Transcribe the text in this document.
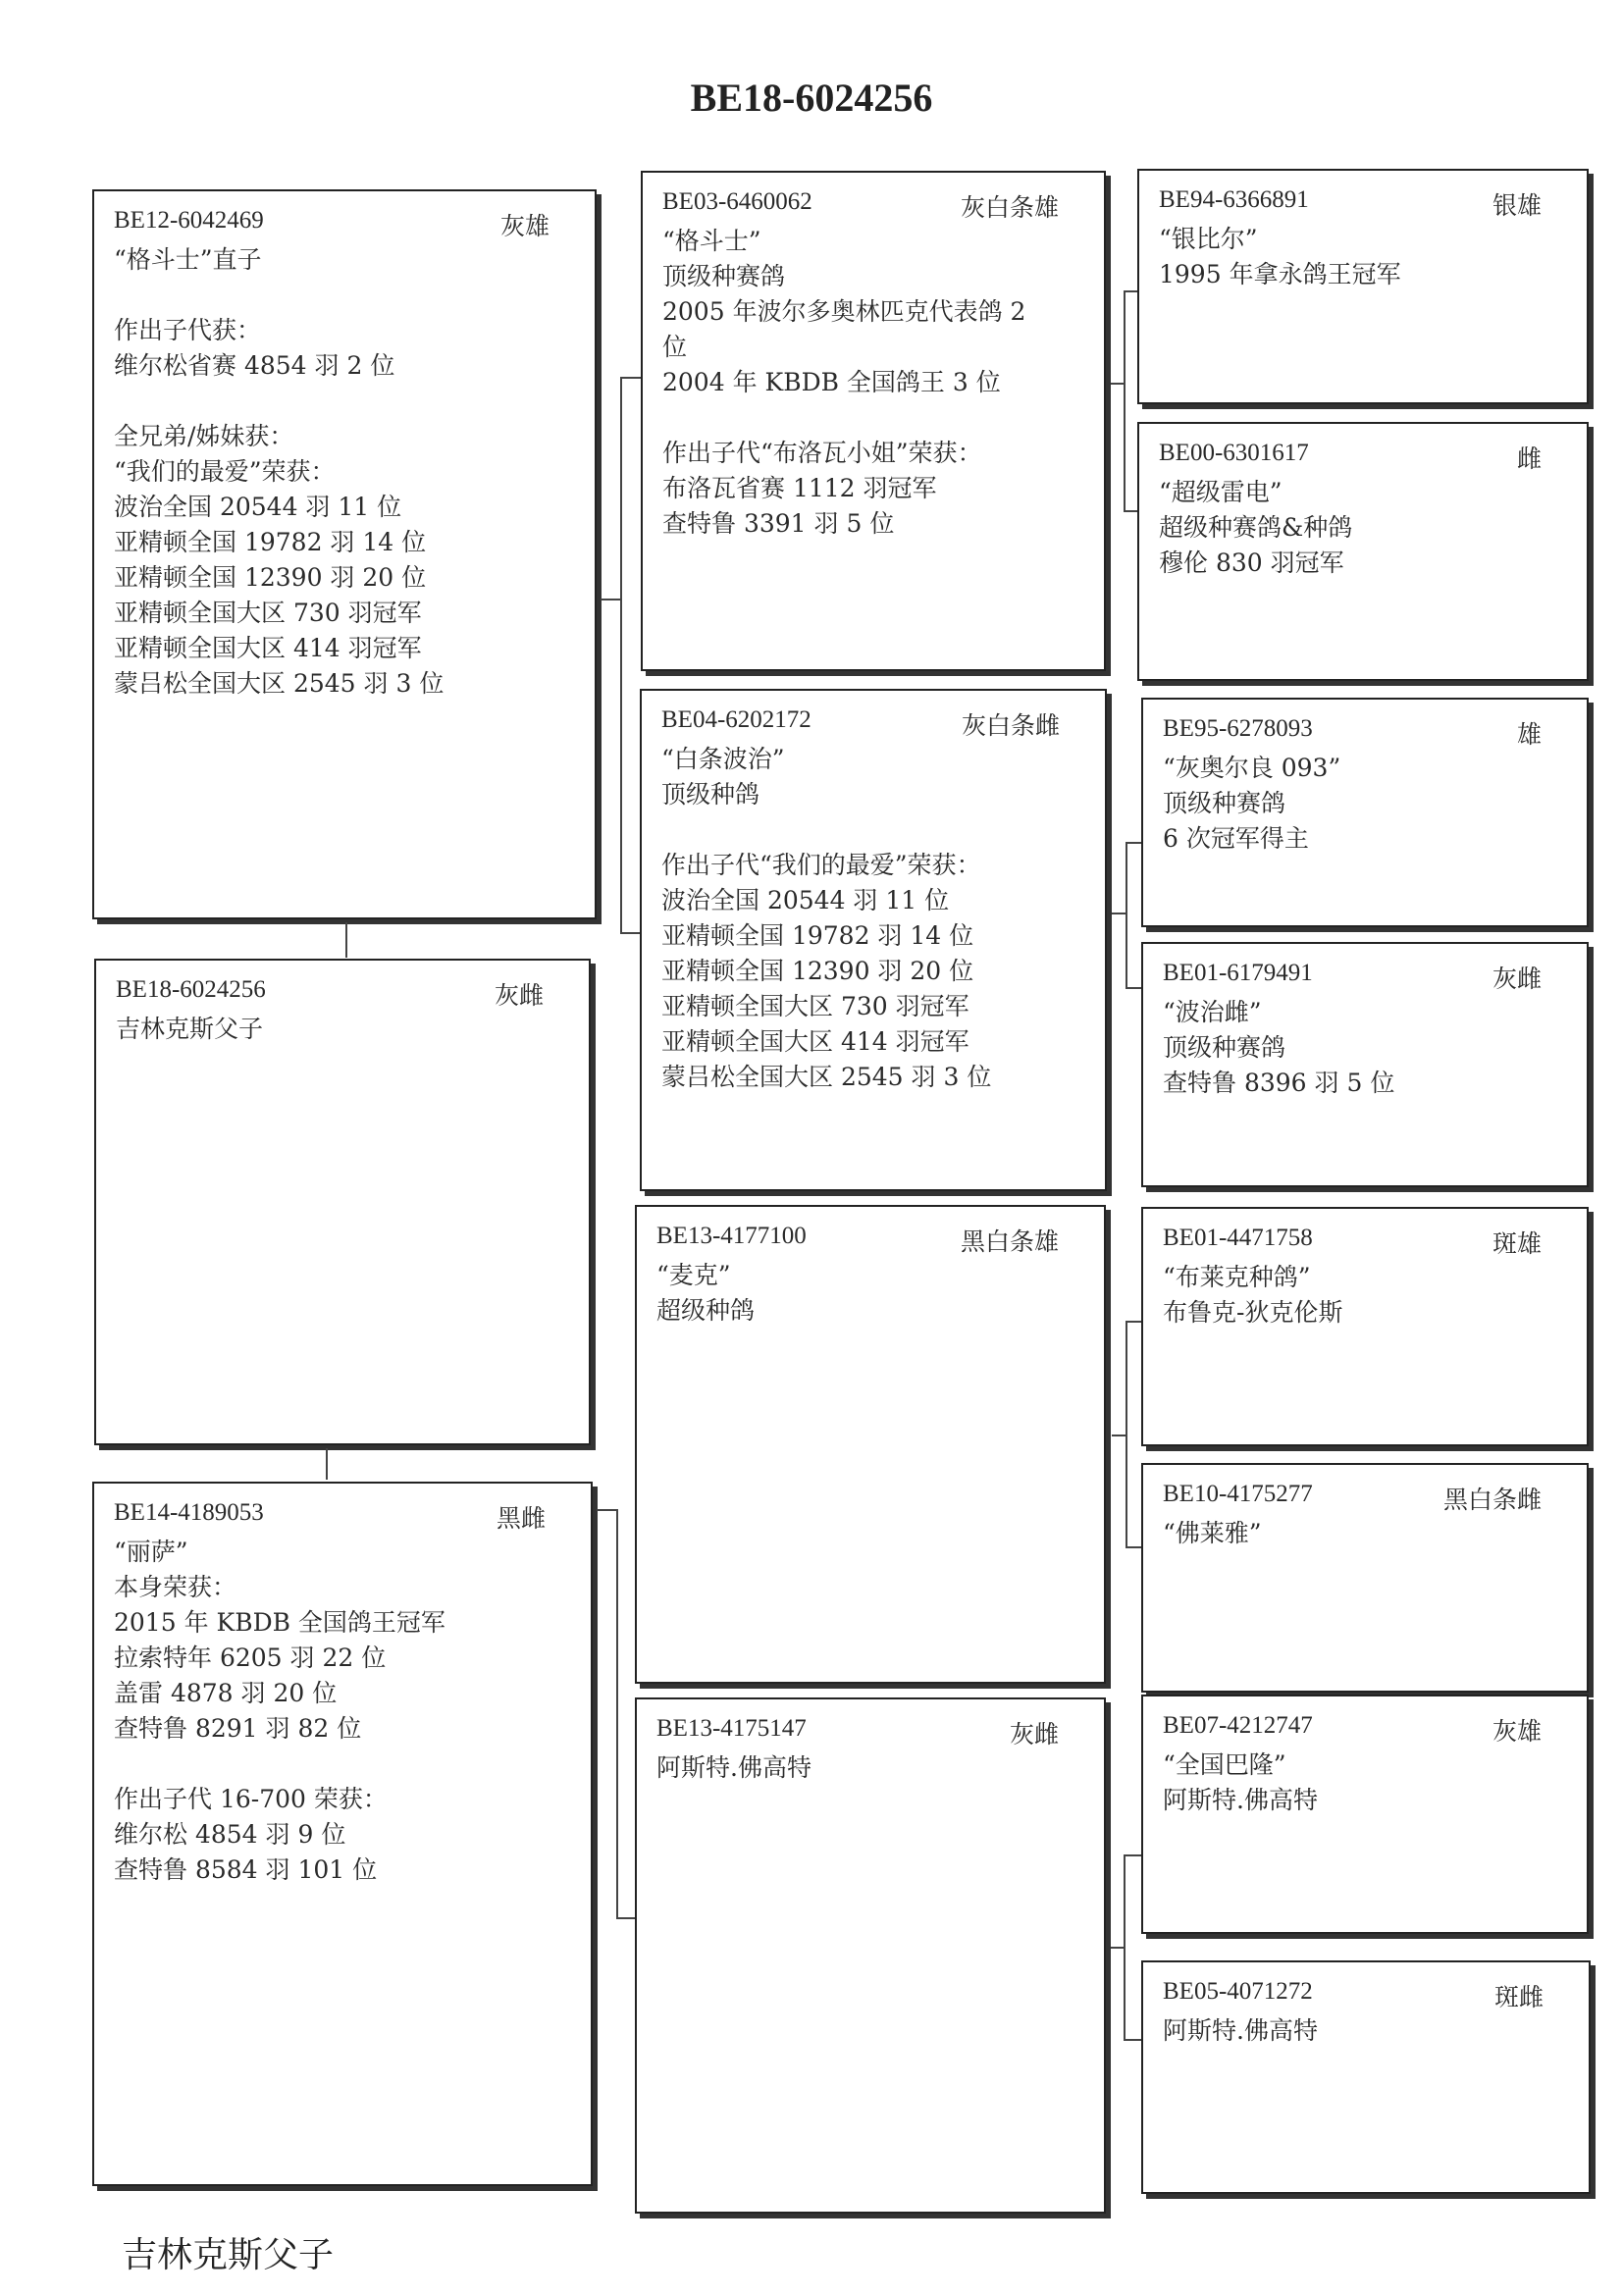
BE18-6024256
BE12-6042469	灰雄
“格斗士”直子
作出子代获：
维尔松省赛 4854 羽 2 位
全兄弟/姊妹获：
“我们的最爱”荣获：
波治全国 20544 羽 11 位
亚精顿全国 19782 羽 14 位
亚精顿全国 12390 羽 20 位
亚精顿全国大区 730 羽冠军
亚精顿全国大区 414 羽冠军
蒙吕松全国大区 2545 羽 3 位
BE18-6024256	灰雌
吉林克斯父子
BE14-4189053	黑雌
“丽萨”
本身荣获：
2015 年 KBDB 全国鸽王冠军
拉索特年 6205 羽 22 位
盖雷 4878 羽 20 位
查特鲁 8291 羽 82 位
作出子代 16-700 荣获：
维尔松 4854 羽 9 位
查特鲁 8584 羽 101 位
BE03-6460062	灰白条雄
“格斗士”
顶级种赛鸽
2005 年波尔多奥林匹克代表鸽 2
位
2004 年 KBDB 全国鸽王 3 位
作出子代“布洛瓦小姐”荣获：
布洛瓦省赛 1112 羽冠军
查特鲁 3391 羽 5 位
BE04-6202172	灰白条雌
“白条波治”
顶级种鸽
作出子代“我们的最爱”荣获：
波治全国 20544 羽 11 位
亚精顿全国 19782 羽 14 位
亚精顿全国 12390 羽 20 位
亚精顿全国大区 730 羽冠军
亚精顿全国大区 414 羽冠军
蒙吕松全国大区 2545 羽 3 位
BE13-4177100	黑白条雄
“麦克”
超级种鸽
BE13-4175147	灰雌
阿斯特.佛高特
BE94-6366891	银雄
“银比尔”
1995 年拿永鸽王冠军
BE00-6301617	雌
“超级雷电”
超级种赛鸽&种鸽
穆伦 830 羽冠军
BE95-6278093	雄
“灰奥尔良 093”
顶级种赛鸽
6 次冠军得主
BE01-6179491	灰雌
“波治雌”
顶级种赛鸽
查特鲁 8396 羽 5 位
BE01-4471758	斑雄
“布莱克种鸽”
布鲁克-狄克伦斯
BE10-4175277	黑白条雌
“佛莱雅”
BE07-4212747	灰雄
“全国巴隆”
阿斯特.佛高特
BE05-4071272	斑雌
阿斯特.佛高特
吉林克斯父子
